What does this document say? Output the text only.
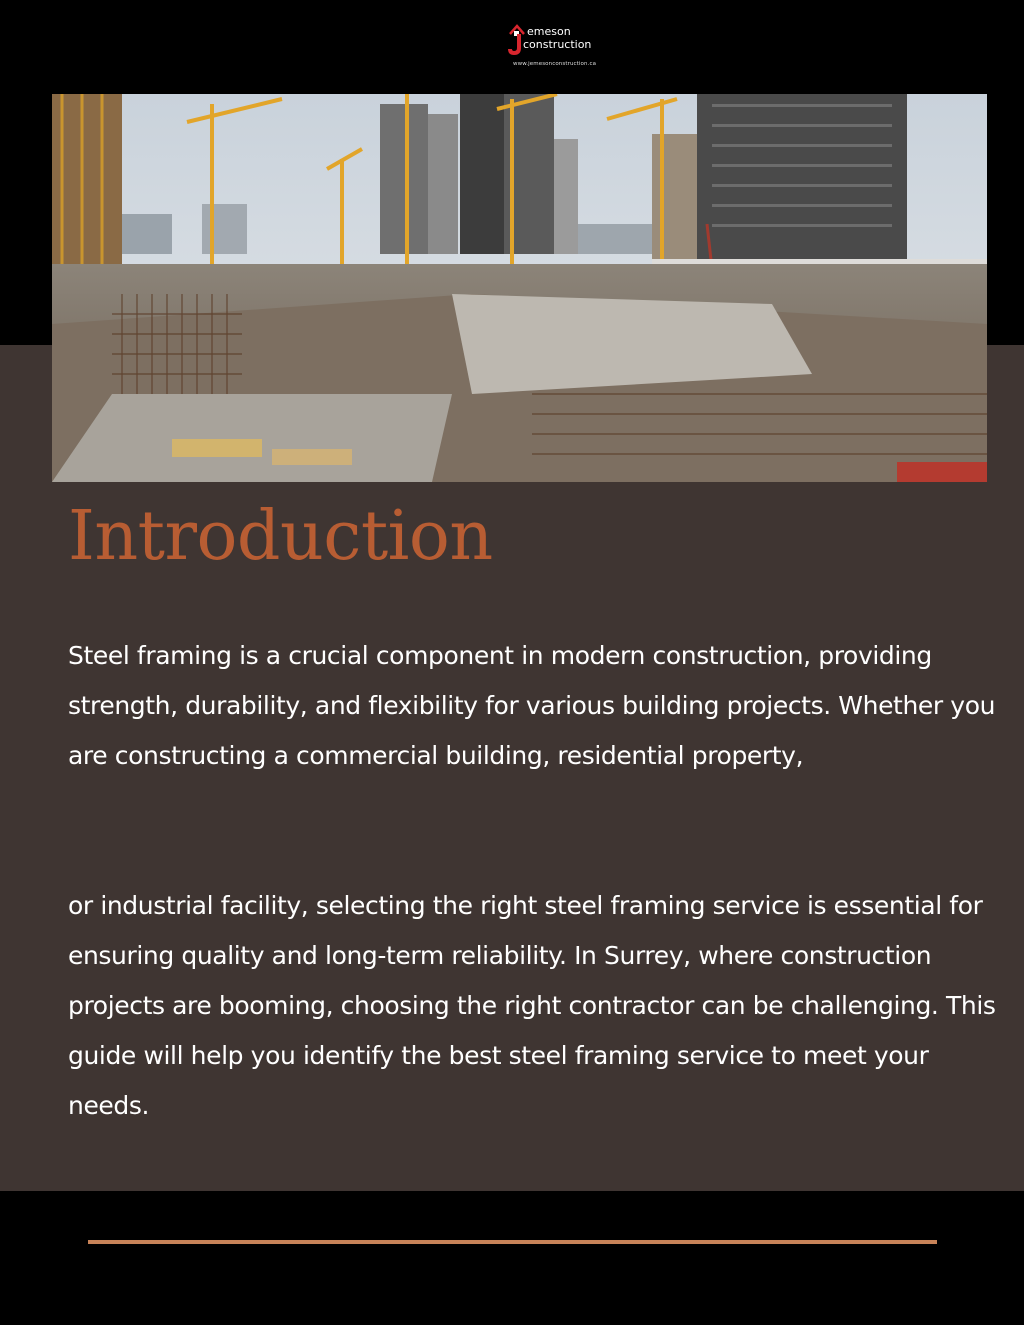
emeson
construction
www.jemesonconstruction.ca
Introduction

Steel framing is a crucial component in modern construction, providing strength, durability, and flexibility for various building projects. Whether you are constructing a commercial building, residential property,

or industrial facility, selecting the right steel framing service is essential for ensuring quality and long-term reliability. In Surrey, where construction projects are booming, choosing the right contractor can be challenging. This guide will help you identify the best steel framing service to meet your needs.
